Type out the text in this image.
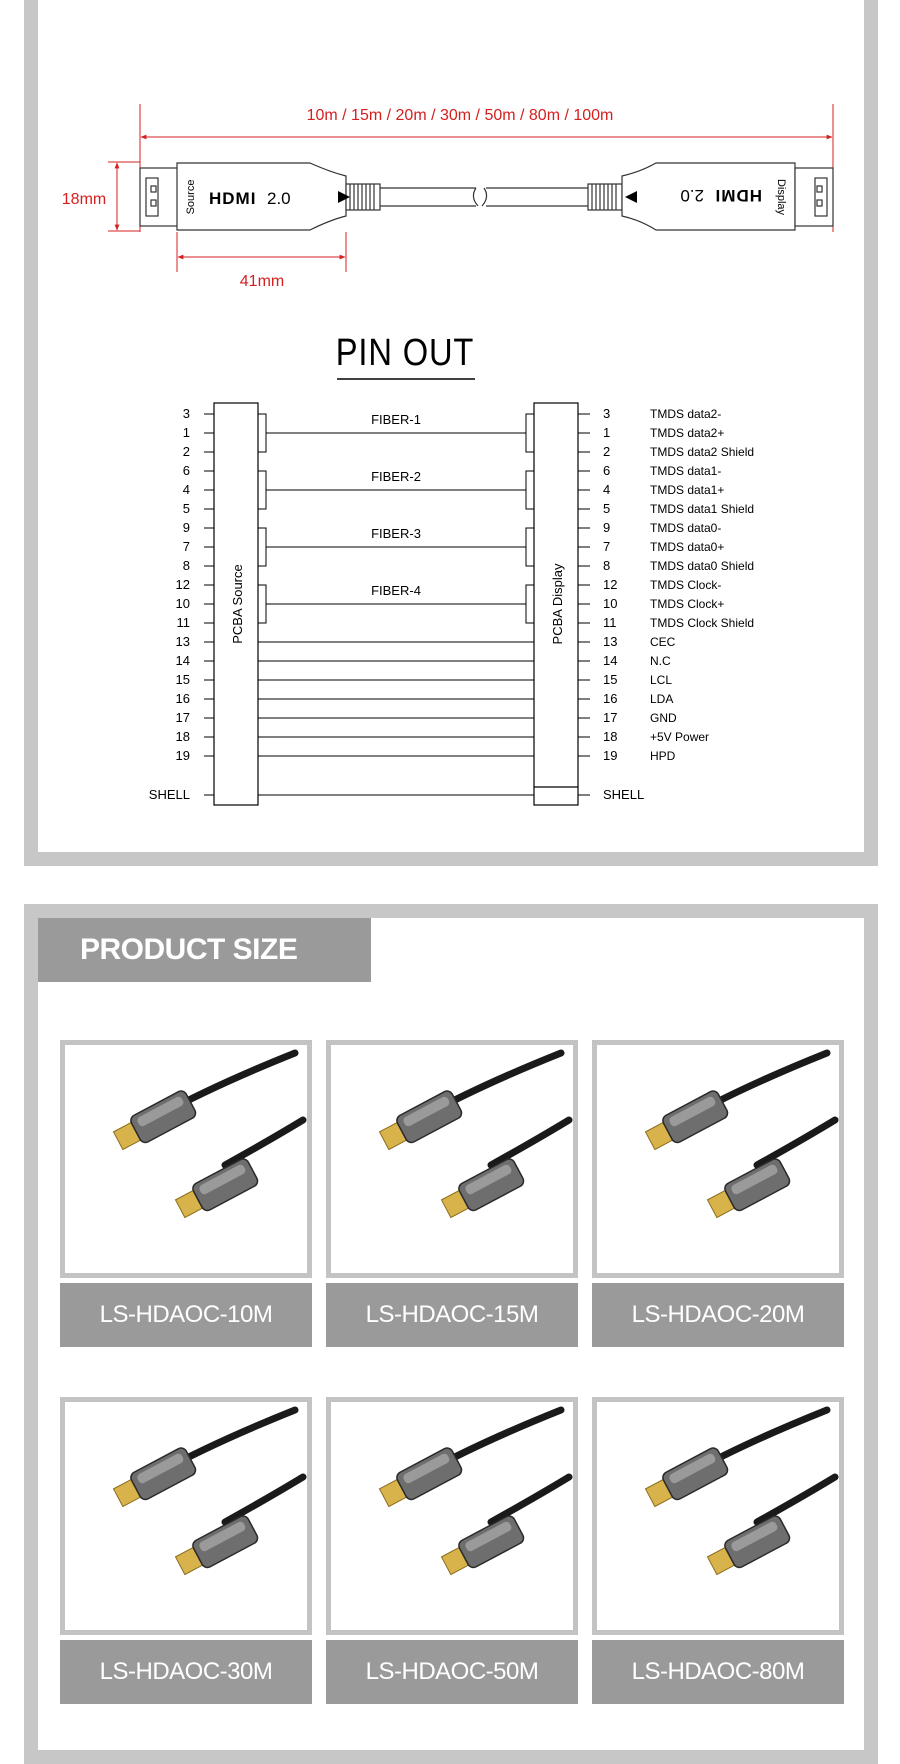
10m / 15m / 20m / 30m / 50m / 80m / 100m
18mm
41mm
Source HDMI 2.0	Display
HDMI
2.0
PIN OUT
PCBA Source	PCBA Display
3	3	TMDS data2-
1	1	TMDS data2+
2	2	TMDS data2 Shield
6	6	TMDS data1-
4	4	TMDS data1+
5	5	TMDS data1 Shield
9	9	TMDS data0-
7	7	TMDS data0+
8	8	TMDS data0 Shield
12	12	TMDS Clock-
10	10	TMDS Clock+
11	11	TMDS Clock Shield
13	13	CEC
14	14	N.C
15	15	LCL
16	16	LDA
17	17	GND
18	18	+5V Power
19	19	HPD
FIBER-1
FIBER-2
FIBER-3
FIBER-4
SHELL	SHELL
PRODUCT SIZE
LS-HDAOC-10M	LS-HDAOC-15M	LS-HDAOC-20M
LS-HDAOC-30M	LS-HDAOC-50M	LS-HDAOC-80M
